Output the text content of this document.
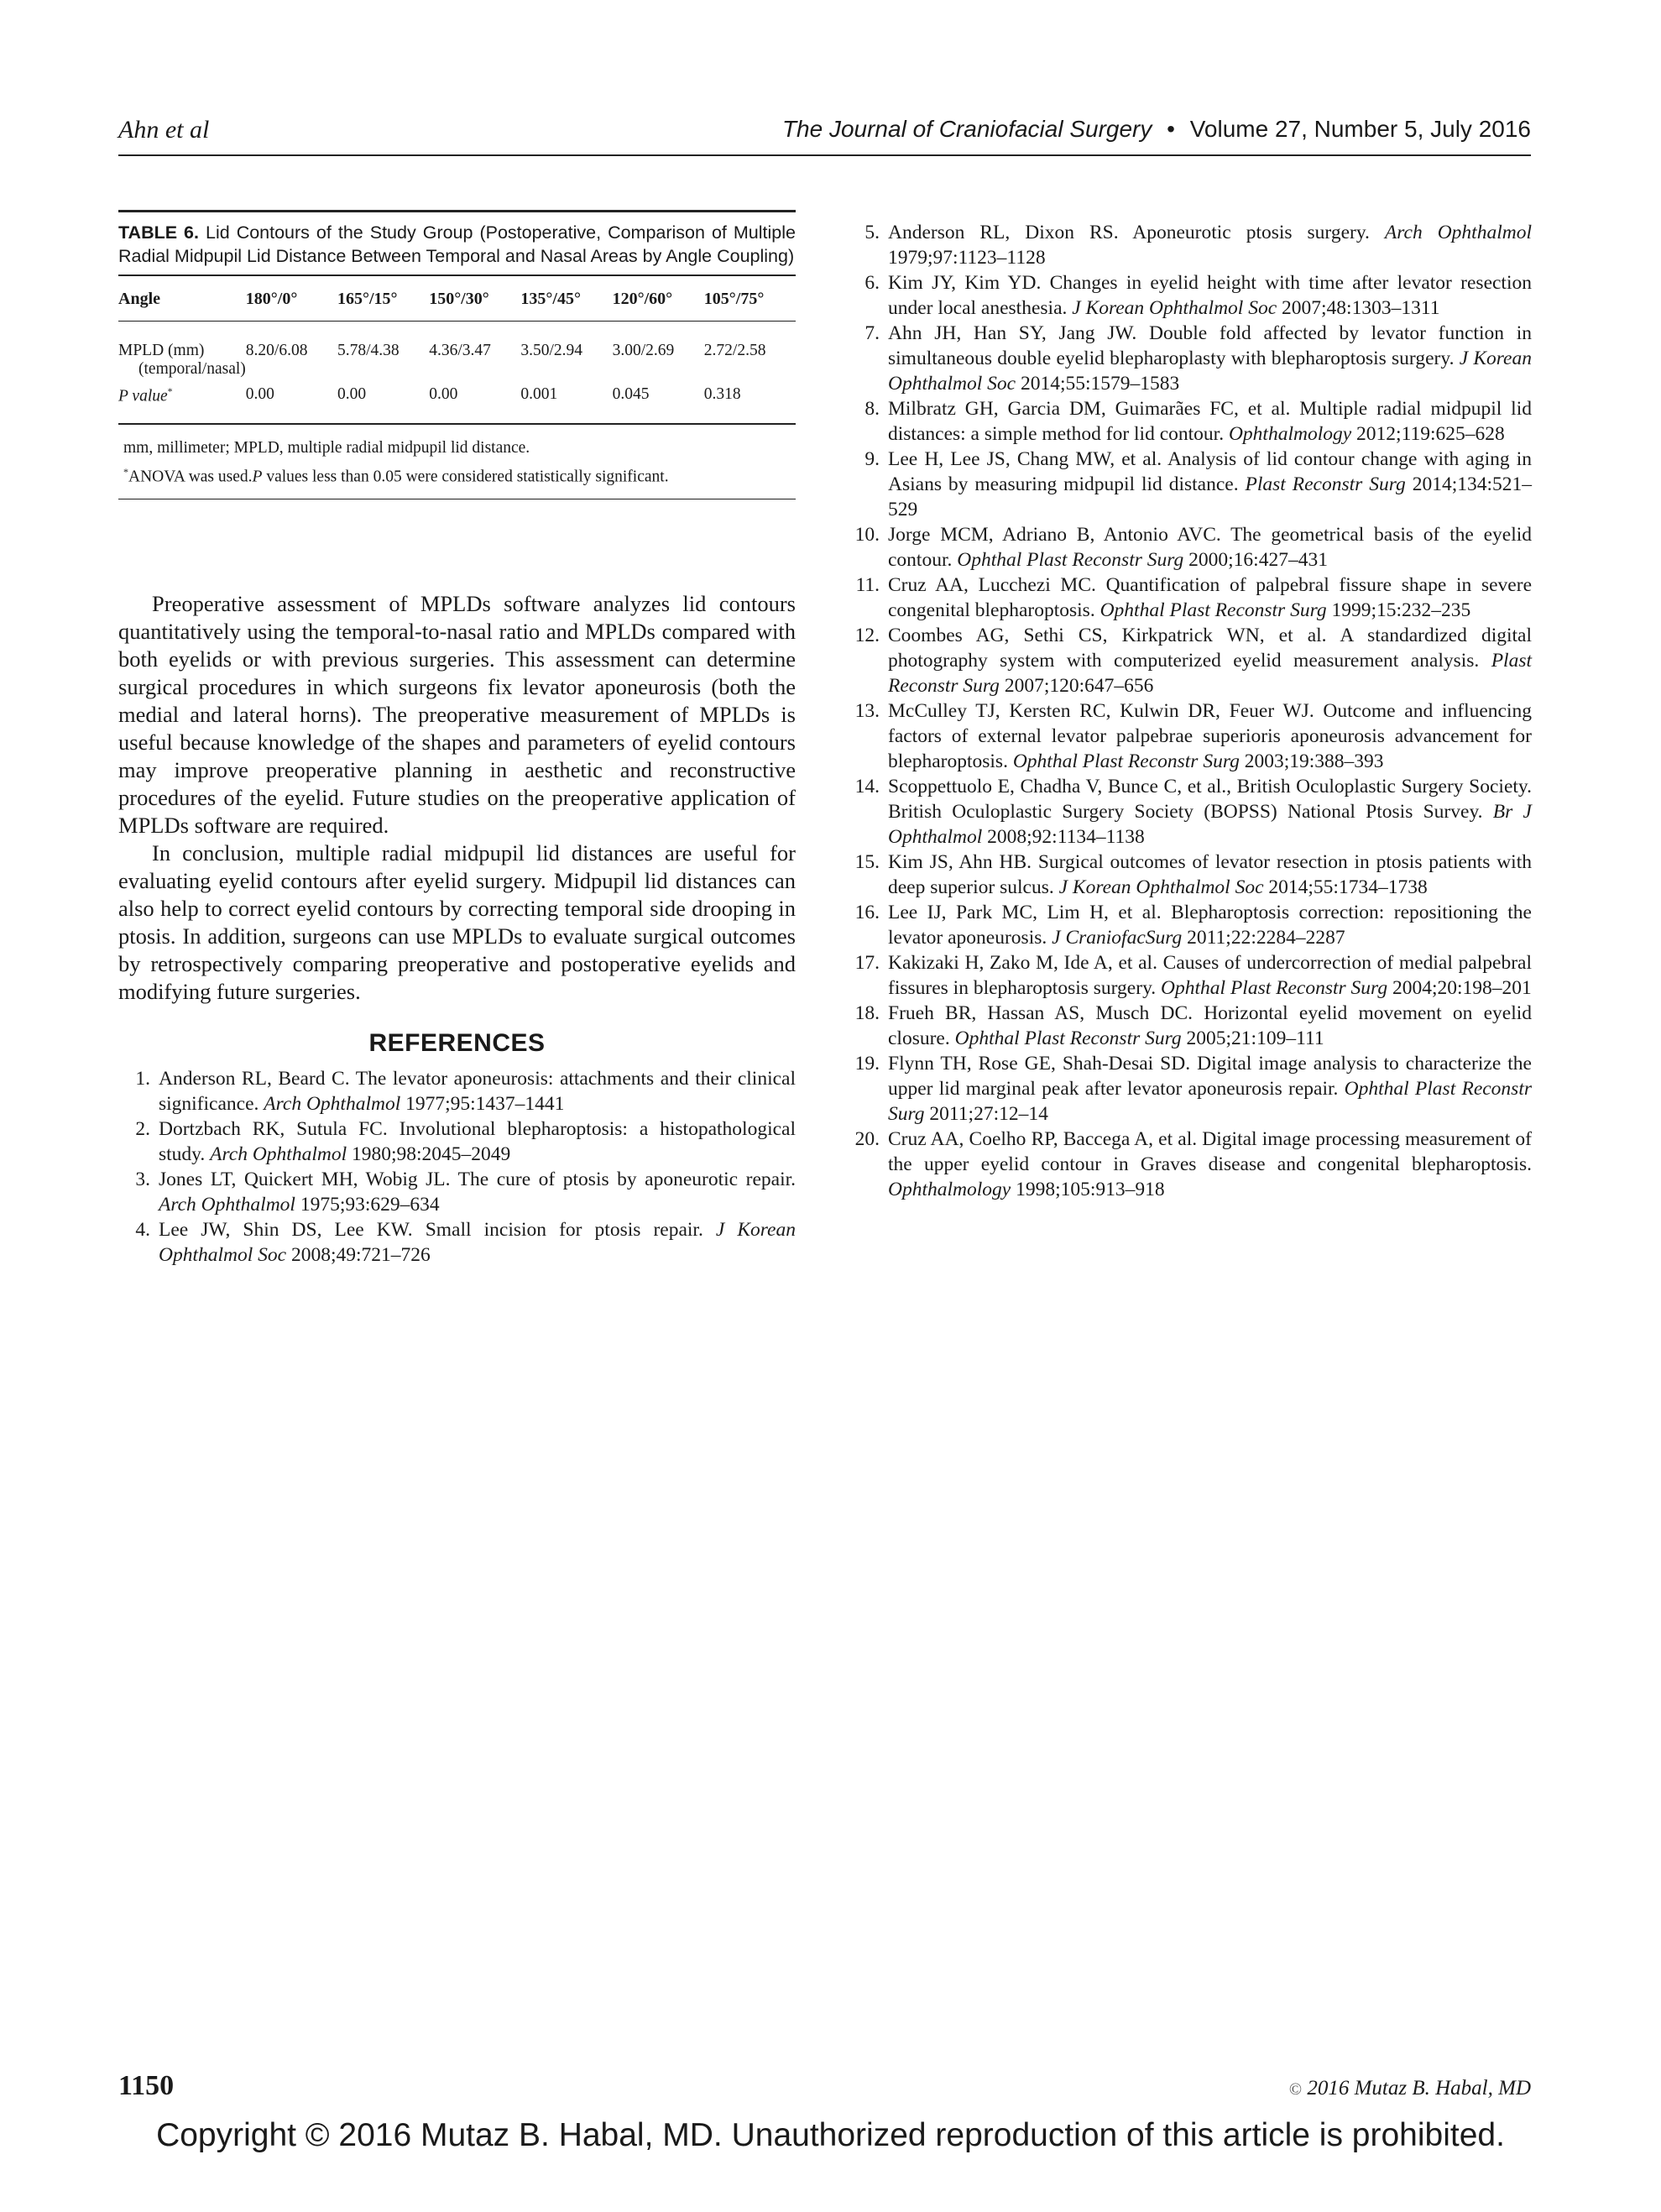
Ahn et al	The Journal of Craniofacial Surgery • Volume 27, Number 5, July 2016
TABLE 6. Lid Contours of the Study Group (Postoperative, Comparison of Multiple Radial Midpupil Lid Distance Between Temporal and Nasal Areas by Angle Coupling)
Angle	180°/0°	165°/15°	150°/30°	135°/45°	120°/60°	105°/75°
MPLD (mm)
(temporal/nasal)	8.20/6.08	5.78/4.38	4.36/3.47	3.50/2.94	3.00/2.69	2.72/2.58
P value*	0.00	0.00	0.00	0.001	0.045	0.318
mm, millimeter; MPLD, multiple radial midpupil lid distance.
*ANOVA was used.P values less than 0.05 were considered statistically significant.

Preoperative assessment of MPLDs software analyzes lid contours quantitatively using the temporal-to-nasal ratio and MPLDs compared with both eyelids or with previous surgeries. This assessment can determine surgical procedures in which surgeons fix levator aponeurosis (both the medial and lateral horns). The preoperative measurement of MPLDs is useful because knowledge of the shapes and parameters of eyelid contours may improve preoperative planning in aesthetic and reconstructive procedures of the eyelid. Future studies on the preoperative application of MPLDs software are required.

In conclusion, multiple radial midpupil lid distances are useful for evaluating eyelid contours after eyelid surgery. Midpupil lid distances can also help to correct eyelid contours by correcting temporal side drooping in ptosis. In addition, surgeons can use MPLDs to evaluate surgical outcomes by retrospectively comparing preoperative and postoperative eyelids and modifying future surgeries.

REFERENCES
1. Anderson RL, Beard C. The levator aponeurosis: attachments and their clinical significance. Arch Ophthalmol 1977;95:1437–1441
2. Dortzbach RK, Sutula FC. Involutional blepharoptosis: a histopathological study. Arch Ophthalmol 1980;98:2045–2049
3. Jones LT, Quickert MH, Wobig JL. The cure of ptosis by aponeurotic repair. Arch Ophthalmol 1975;93:629–634
4. Lee JW, Shin DS, Lee KW. Small incision for ptosis repair. J Korean Ophthalmol Soc 2008;49:721–726
5. Anderson RL, Dixon RS. Aponeurotic ptosis surgery. Arch Ophthalmol 1979;97:1123–1128
6. Kim JY, Kim YD. Changes in eyelid height with time after levator resection under local anesthesia. J Korean Ophthalmol Soc 2007;48:1303–1311
7. Ahn JH, Han SY, Jang JW. Double fold affected by levator function in simultaneous double eyelid blepharoplasty with blepharoptosis surgery. J Korean Ophthalmol Soc 2014;55:1579–1583
8. Milbratz GH, Garcia DM, Guimarães FC, et al. Multiple radial midpupil lid distances: a simple method for lid contour. Ophthalmology 2012;119:625–628
9. Lee H, Lee JS, Chang MW, et al. Analysis of lid contour change with aging in Asians by measuring midpupil lid distance. Plast Reconstr Surg 2014;134:521–529
10. Jorge MCM, Adriano B, Antonio AVC. The geometrical basis of the eyelid contour. Ophthal Plast Reconstr Surg 2000;16:427–431
11. Cruz AA, Lucchezi MC. Quantification of palpebral fissure shape in severe congenital blepharoptosis. Ophthal Plast Reconstr Surg 1999;15:232–235
12. Coombes AG, Sethi CS, Kirkpatrick WN, et al. A standardized digital photography system with computerized eyelid measurement analysis. Plast Reconstr Surg 2007;120:647–656
13. McCulley TJ, Kersten RC, Kulwin DR, Feuer WJ. Outcome and influencing factors of external levator palpebrae superioris aponeurosis advancement for blepharoptosis. Ophthal Plast Reconstr Surg 2003;19:388–393
14. Scoppettuolo E, Chadha V, Bunce C, et al., British Oculoplastic Surgery Society. British Oculoplastic Surgery Society (BOPSS) National Ptosis Survey. Br J Ophthalmol 2008;92:1134–1138
15. Kim JS, Ahn HB. Surgical outcomes of levator resection in ptosis patients with deep superior sulcus. J Korean Ophthalmol Soc 2014;55:1734–1738
16. Lee IJ, Park MC, Lim H, et al. Blepharoptosis correction: repositioning the levator aponeurosis. J CraniofacSurg 2011;22:2284–2287
17. Kakizaki H, Zako M, Ide A, et al. Causes of undercorrection of medial palpebral fissures in blepharoptosis surgery. Ophthal Plast Reconstr Surg 2004;20:198–201
18. Frueh BR, Hassan AS, Musch DC. Horizontal eyelid movement on eyelid closure. Ophthal Plast Reconstr Surg 2005;21:109–111
19. Flynn TH, Rose GE, Shah-Desai SD. Digital image analysis to characterize the upper lid marginal peak after levator aponeurosis repair. Ophthal Plast Reconstr Surg 2011;27:12–14
20. Cruz AA, Coelho RP, Baccega A, et al. Digital image processing measurement of the upper eyelid contour in Graves disease and congenital blepharoptosis. Ophthalmology 1998;105:913–918
1150	© 2016 Mutaz B. Habal, MD
Copyright © 2016 Mutaz B. Habal, MD. Unauthorized reproduction of this article is prohibited.
